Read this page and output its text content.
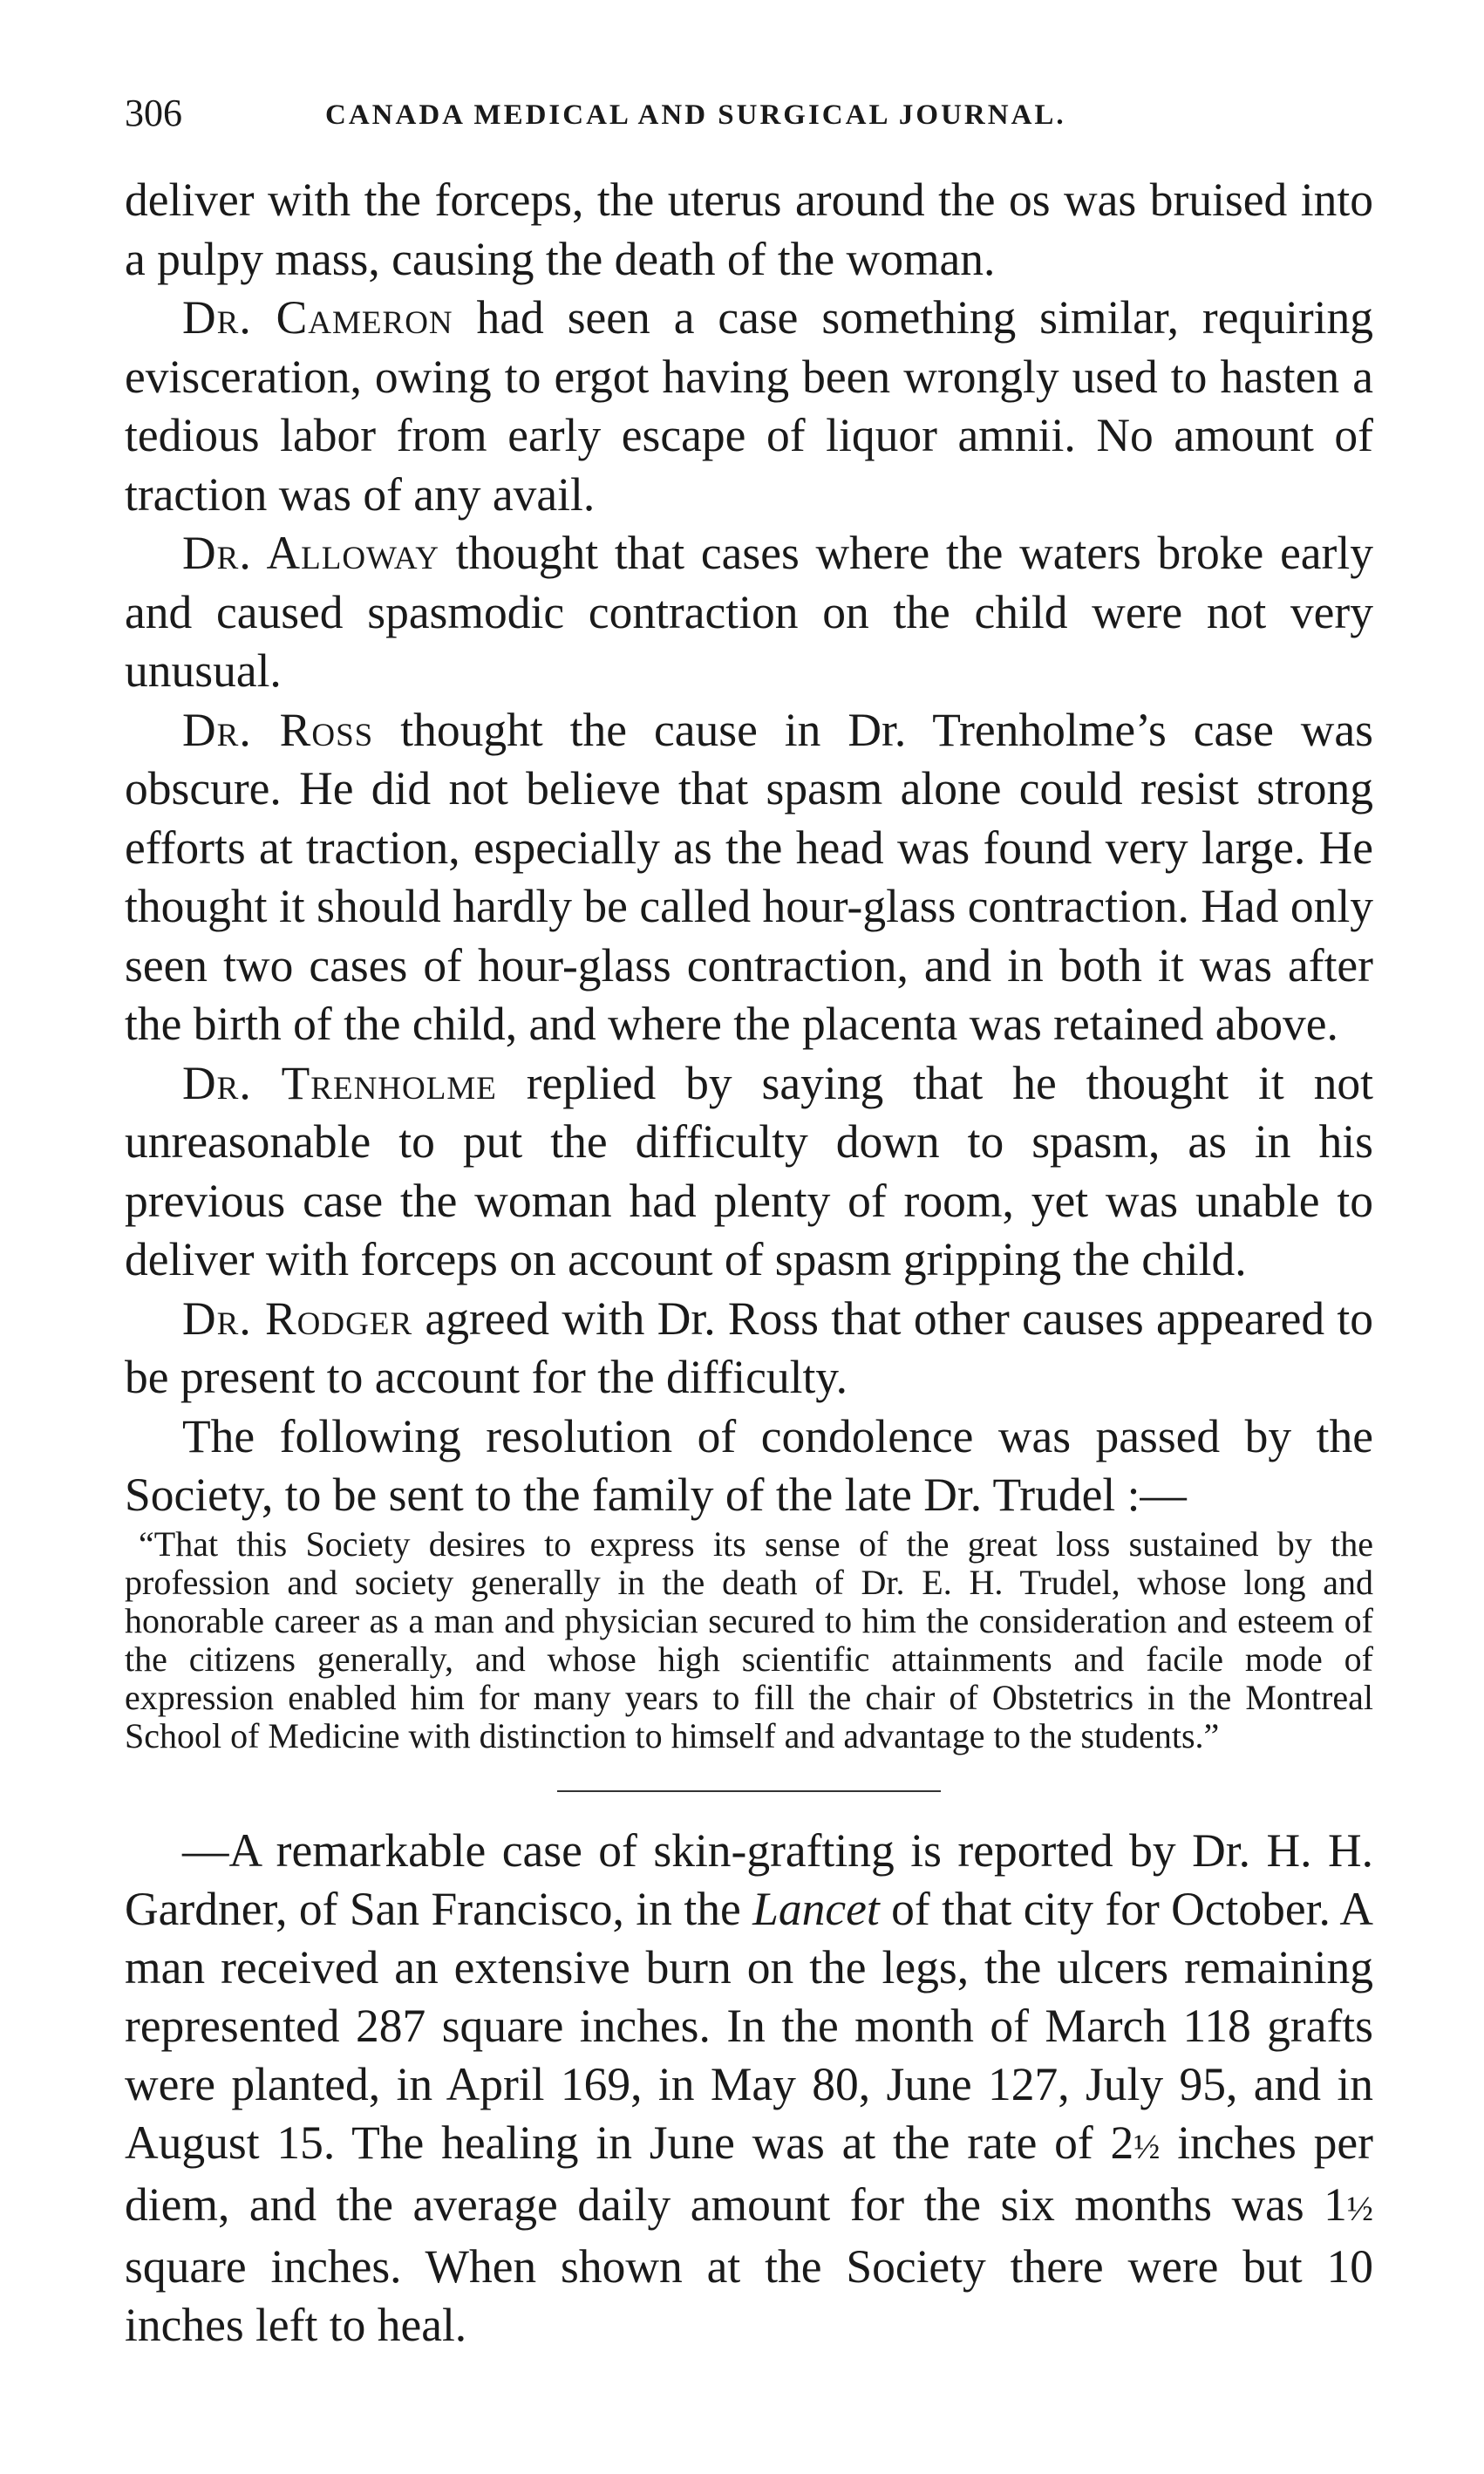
306	CANADA MEDICAL AND SURGICAL JOURNAL.

deliver with the forceps, the uterus around the os was bruised into a pulpy mass, causing the death of the woman.

Dr. Cameron had seen a case something similar, requiring evisceration, owing to ergot having been wrongly used to hasten a tedious labor from early escape of liquor amnii. No amount of traction was of any avail.

Dr. Alloway thought that cases where the waters broke early and caused spasmodic contraction on the child were not very unusual.

Dr. Ross thought the cause in Dr. Trenholme’s case was obscure. He did not believe that spasm alone could resist strong efforts at traction, especially as the head was found very large. He thought it should hardly be called hour-glass contraction. Had only seen two cases of hour-glass contraction, and in both it was after the birth of the child, and where the placenta was retained above.

Dr. Trenholme replied by saying that he thought it not unreasonable to put the difficulty down to spasm, as in his previous case the woman had plenty of room, yet was unable to deliver with forceps on account of spasm gripping the child.

Dr. Rodger agreed with Dr. Ross that other causes appeared to be present to account for the difficulty.

The following resolution of condolence was passed by the Society, to be sent to the family of the late Dr. Trudel :—

“That this Society desires to express its sense of the great loss sustained by the profession and society generally in the death of Dr. E. H. Trudel, whose long and honorable career as a man and physician secured to him the consideration and esteem of the citizens generally, and whose high scientific attainments and facile mode of expression enabled him for many years to fill the chair of Obstetrics in the Montreal School of Medicine with distinction to himself and advantage to the students.”

—A remarkable case of skin-grafting is reported by Dr. H. H. Gardner, of San Francisco, in the Lancet of that city for October. A man received an extensive burn on the legs, the ulcers remaining represented 287 square inches. In the month of March 118 grafts were planted, in April 169, in May 80, June 127, July 95, and in August 15. The healing in June was at the rate of 2½ inches per diem, and the average daily amount for the six months was 1½ square inches. When shown at the Society there were but 10 inches left to heal.
